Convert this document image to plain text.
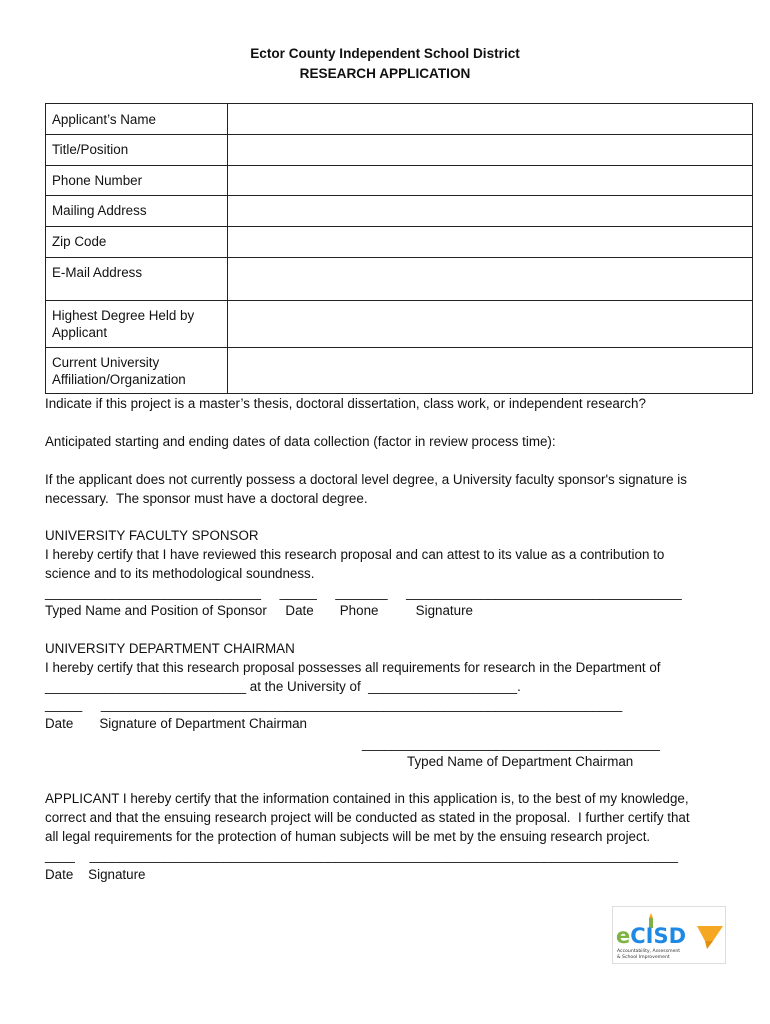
Ector County Independent School District
RESEARCH APPLICATION
Applicant’s Name	

Title/Position	

Phone Number	

Mailing Address	

Zip Code	

E-Mail Address	

Highest Degree Held by Applicant	

Current University Affiliation/Organization	

Indicate if this project is a master’s thesis, doctoral dissertation, class work, or independent research?
Anticipated starting and ending dates of data collection (factor in review process time):
If the applicant does not currently possess a doctoral level degree, a University faculty sponsor's signature is
necessary.  The sponsor must have a doctoral degree.
UNIVERSITY FACULTY SPONSOR
I hereby certify that I have reviewed this research proposal and can attest to its value as a contribution to
science and to its methodological soundness.
_____________________________     _____     _______     _____________________________________
Typed Name and Position of Sponsor     Date       Phone          Signature
UNIVERSITY DEPARTMENT CHAIRMAN
I hereby certify that this research proposal possesses all requirements for research in the Department of
___________________________ at the University of  ____________________.
_____     ______________________________________________________________________
Date       Signature of Department Chairman
________________________________________
Typed Name of Department Chairman
APPLICANT I hereby certify that the information contained in this application is, to the best of my knowledge,
correct and that the ensuing research project will be conducted as stated in the proposal.  I further certify that
all legal requirements for the protection of human subjects will be met by the ensuing research project.
____    _______________________________________________________________________________
Date    Signature
eCISD
Accountability, Assessment
& School Improvement
